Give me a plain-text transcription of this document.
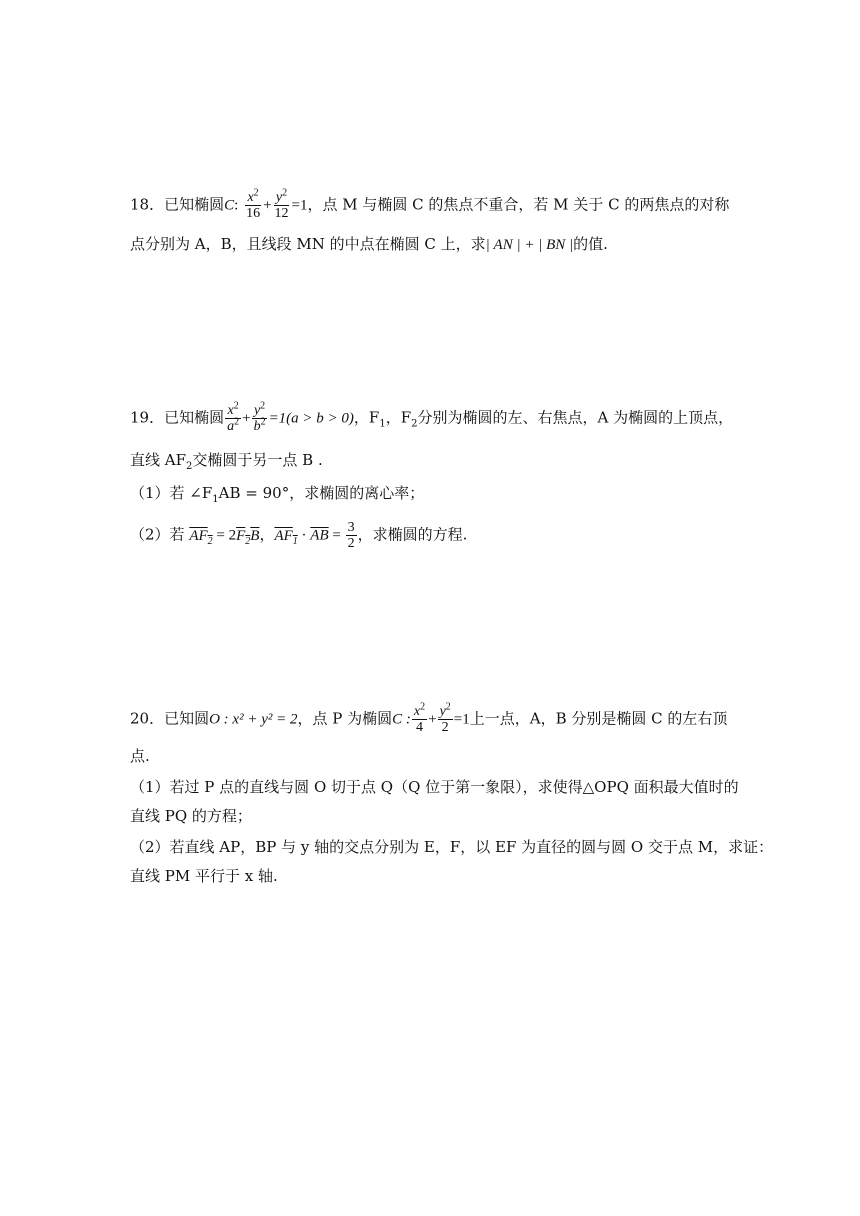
18．已知椭圆C: $\frac{x^2}{16} + \frac{y^2}{12} =1$，点 M 与椭圆 C 的焦点不重合，若 M 关于 C 的两焦点的对称
点分别为 A，B，且线段 MN 的中点在椭圆 C 上，求| AN | + | BN |的值.
19．已知椭圆 $\frac{x^2}{a^2} + \frac{y^2}{b^2} =1(a > b > 0)$，$F_1$，$F_2$分别为椭圆的左、右焦点，A 为椭圆的上顶点，
直线 $AF_2$交椭圆于另一点 B .
（1）若 $\angle F_1AB = 90^\circ$，求椭圆的离心率；
（2）若 $AF_2 = 2F_2B$，$AF_1 \cdot \overline{AB} = \frac{3}{2}$ ，求椭圆的方程.
20．已知圆O : x² + y² = 2，点 P 为椭圆C : $\frac{x^2}{4} + \frac{y^2}{2} =1$上一点，A，B 分别是椭圆 C 的左右顶
点.
（1）若过 P 点的直线与圆 O 切于点 Q（Q 位于第一象限），求使得△OPQ 面积最大值时的
直线 PQ 的方程；
（2）若直线 AP，BP 与 y 轴的交点分别为 E，F，以 EF 为直径的圆与圆 O 交于点 M，求证：
直线 PM 平行于 x 轴.
